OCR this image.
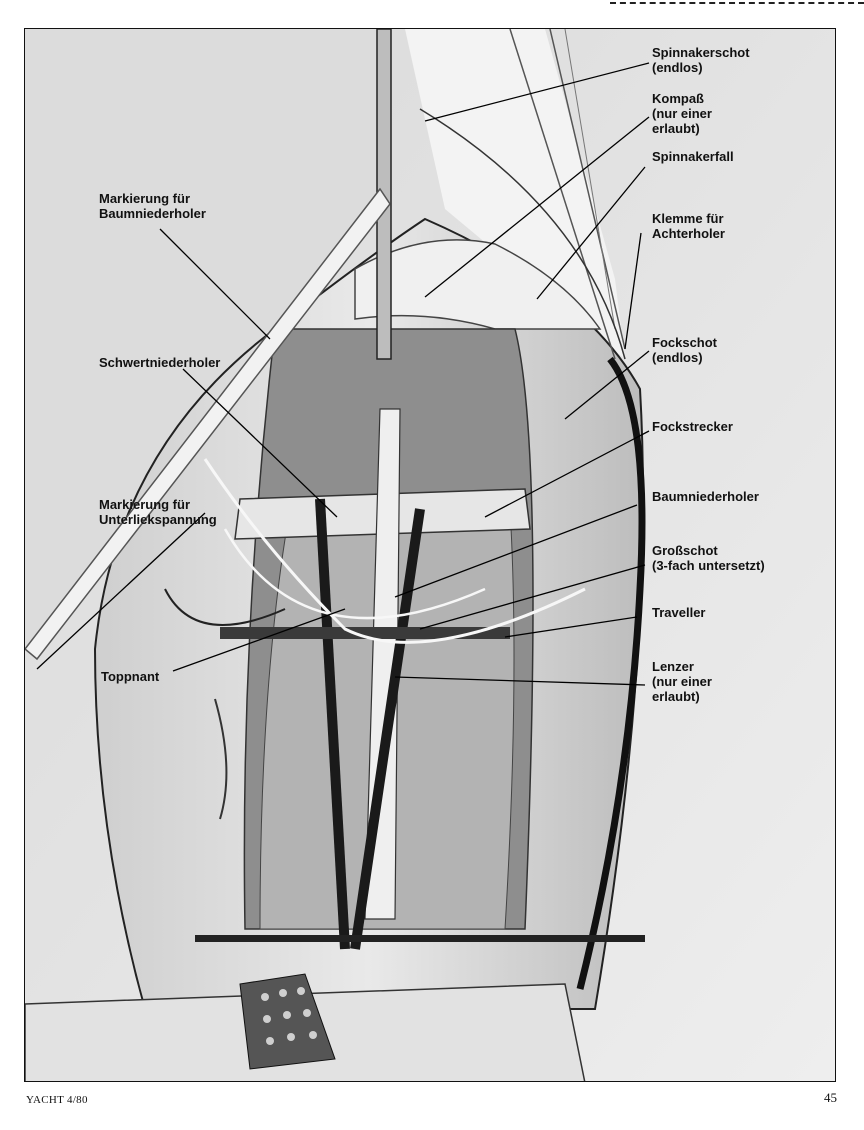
Spinnakerschot
(endlos)
Kompaß
(nur einer
erlaubt)
Spinnakerfall
Klemme für
Achterholer
Fockschot
(endlos)
Fockstrecker
Baumniederholer
Großschot
(3-fach untersetzt)
Traveller
Lenzer
(nur einer
erlaubt)
Markierung für
Baumniederholer
Schwertniederholer
Markierung für
Unterliekspannung
Toppnant
YACHT 4/80	45
